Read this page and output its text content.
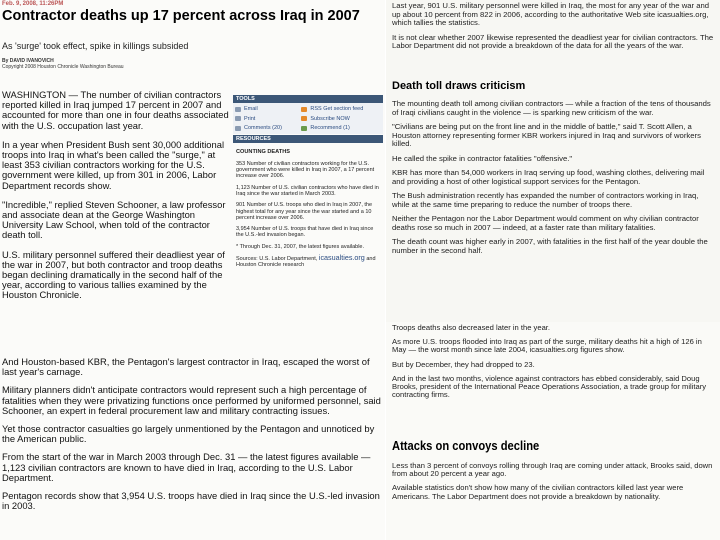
Feb. 9, 2008, 11:26PM
Contractor deaths up 17 percent across Iraq in 2007
As 'surge' took effect, spike in killings subsided
By DAVID IVANOVICH
Copyright 2008 Houston Chronicle Washington Bureau

WASHINGTON — The number of civilian contractors reported killed in Iraq jumped 17 percent in 2007 and accounted for more than one in four deaths associated with the U.S. occupation last year.

In a year when President Bush sent 30,000 additional troops into Iraq in what's been called the "surge," at least 353 civilian contractors working for the U.S. government were killed, up from 301 in 2006, Labor Department records show.

"Incredible," replied Steven Schooner, a law professor and associate dean at the George Washington University Law School, when told of the contractor death toll.

U.S. military personnel suffered their deadliest year of the war in 2007, but both contractor and troop deaths began declining dramatically in the second half of the year, according to various tallies examined by the Houston Chronicle.

TOOLS
Email	RSS Get section feed
Print	Subscribe NOW
Comments (20)	Recommend (1)
RESOURCES
COUNTING DEATHS

353 Number of civilian contractors working for the U.S. government who were killed in Iraq in 2007, a 17 percent increase over 2006.

1,123 Number of U.S. civilian contractors who have died in Iraq since the war started in March 2003.

901 Number of U.S. troops who died in Iraq in 2007, the highest total for any year since the war started and a 10 percent increase over 2006.

3,954 Number of U.S. troops that have died in Iraq since the U.S.-led invasion began.

* Through Dec. 31, 2007, the latest figures available.

Sources: U.S. Labor Department, icasualties.org and Houston Chronicle research

And Houston-based KBR, the Pentagon's largest contractor in Iraq, escaped the worst of last year's carnage.

Military planners didn't anticipate contractors would represent such a high percentage of fatalities when they were privatizing functions once performed by uniformed personnel, said Schooner, an expert in federal procurement law and military contracting issues.

Yet those contractor casualties go largely unmentioned by the Pentagon and unnoticed by the American public.

From the start of the war in March 2003 through Dec. 31 — the latest figures available — 1,123 civilian contractors are known to have died in Iraq, according to the U.S. Labor Department.

Pentagon records show that 3,954 U.S. troops have died in Iraq since the U.S.-led invasion in 2003.

Last year, 901 U.S. military personnel were killed in Iraq, the most for any year of the war and up about 10 percent from 822 in 2006, according to the authoritative Web site icasualties.org, which tallies the statistics.

It is not clear whether 2007 likewise represented the deadliest year for civilian contractors. The Labor Department did not provide a breakdown of the data for all the years of the war.

Death toll draws criticism

The mounting death toll among civilian contractors — while a fraction of the tens of thousands of Iraqi civilians caught in the violence — is sparking new criticism of the war.

"Civilians are being put on the front line and in the middle of battle," said T. Scott Allen, a Houston attorney representing former KBR workers injured in Iraq and survivors of workers killed.

He called the spike in contractor fatalities "offensive."

KBR has more than 54,000 workers in Iraq serving up food, washing clothes, delivering mail and providing a host of other logistical support services for the Pentagon.

The Bush administration recently has expanded the number of contractors working in Iraq, while at the same time preparing to reduce the number of troops there.

Neither the Pentagon nor the Labor Department would comment on why civilian contractor deaths rose so much in 2007 — indeed, at a faster rate than military fatalities.

The death count was higher early in 2007, with fatalities in the first half of the year double the number in the second half.

Troops deaths also decreased later in the year.

As more U.S. troops flooded into Iraq as part of the surge, military deaths hit a high of 126 in May — the worst month since late 2004, icasualties.org figures show.

But by December, they had dropped to 23.

And in the last two months, violence against contractors has ebbed considerably, said Doug Brooks, president of the International Peace Operations Association, a trade group for military contracting firms.

Attacks on convoys decline

Less than 3 percent of convoys rolling through Iraq are coming under attack, Brooks said, down from about 20 percent a year ago.

Available statistics don't show how many of the civilian contractors killed last year were Americans. The Labor Department does not provide a breakdown by nationality.
